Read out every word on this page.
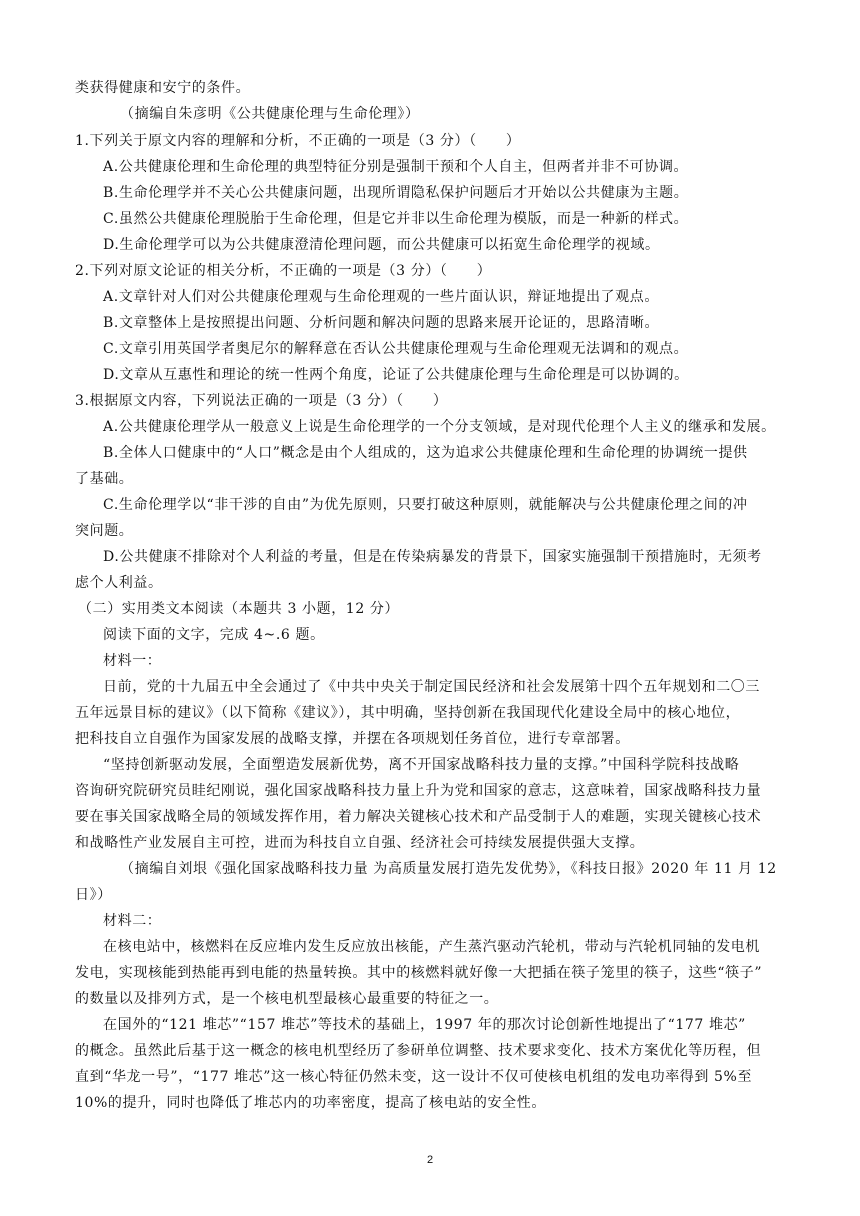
类获得健康和安宁的条件。

（摘编自朱彦明《公共健康伦理与生命伦理》）

1.下列关于原文内容的理解和分析，不正确的一项是（3 分）（　　）

A.公共健康伦理和生命伦理的典型特征分别是强制干预和个人自主，但两者并非不可协调。

B.生命伦理学并不关心公共健康问题，出现所谓隐私保护问题后才开始以公共健康为主题。

C.虽然公共健康伦理脱胎于生命伦理，但是它并非以生命伦理为模版，而是一种新的样式。

D.生命伦理学可以为公共健康澄清伦理问题，而公共健康可以拓宽生命伦理学的视域。

2.下列对原文论证的相关分析，不正确的一项是（3 分）（　　）

A.文章针对人们对公共健康伦理观与生命伦理观的一些片面认识，辩证地提出了观点。

B.文章整体上是按照提出问题、分析问题和解决问题的思路来展开论证的，思路清晰。

C.文章引用英国学者奥尼尔的解释意在否认公共健康伦理观与生命伦理观无法调和的观点。

D.文章从互惠性和理论的统一性两个角度，论证了公共健康伦理与生命伦理是可以协调的。

3.根据原文内容，下列说法正确的一项是（3 分）（　　）

A.公共健康伦理学从一般意义上说是生命伦理学的一个分支领域，是对现代伦理个人主义的继承和发展。

B.全体人口健康中的“人口”概念是由个人组成的，这为追求公共健康伦理和生命伦理的协调统一提供

了基础。

C.生命伦理学以“非干涉的自由”为优先原则，只要打破这种原则，就能解决与公共健康伦理之间的冲

突问题。

D.公共健康不排除对个人利益的考量，但是在传染病暴发的背景下，国家实施强制干预措施时，无须考

虑个人利益。

（二）实用类文本阅读（本题共 3 小题，12 分）

阅读下面的文字，完成 4~.6 题。

材料一：

日前，党的十九届五中全会通过了《中共中央关于制定国民经济和社会发展第十四个五年规划和二〇三

五年远景目标的建议》（以下简称《建议》），其中明确，坚持创新在我国现代化建设全局中的核心地位，

把科技自立自强作为国家发展的战略支撑，并摆在各项规划任务首位，进行专章部署。

“坚持创新驱动发展，全面塑造发展新优势，离不开国家战略科技力量的支撑。”中国科学院科技战略

咨询研究院研究员眭纪刚说，强化国家战略科技力量上升为党和国家的意志，这意味着，国家战略科技力量

要在事关国家战略全局的领域发挥作用，着力解决关键核心技术和产品受制于人的难题，实现关键核心技术

和战略性产业发展自主可控，进而为科技自立自强、经济社会可持续发展提供强大支撑。

（摘编自刘垠《强化国家战略科技力量 为高质量发展打造先发优势》，《科技日报》2020 年 11 月 12

日》）

材料二：

在核电站中，核燃料在反应堆内发生反应放出核能，产生蒸汽驱动汽轮机，带动与汽轮机同轴的发电机

发电，实现核能到热能再到电能的热量转换。其中的核燃料就好像一大把插在筷子笼里的筷子，这些“筷子”

的数量以及排列方式，是一个核电机型最核心最重要的特征之一。

在国外的“121 堆芯”“157 堆芯”等技术的基础上，1997 年的那次讨论创新性地提出了“177 堆芯”

的概念。虽然此后基于这一概念的核电机型经历了参研单位调整、技术要求变化、技术方案优化等历程，但

直到“华龙一号”，“177 堆芯”这一核心特征仍然未变，这一设计不仅可使核电机组的发电功率得到 5%至

10%的提升，同时也降低了堆芯内的功率密度，提高了核电站的安全性。

2
